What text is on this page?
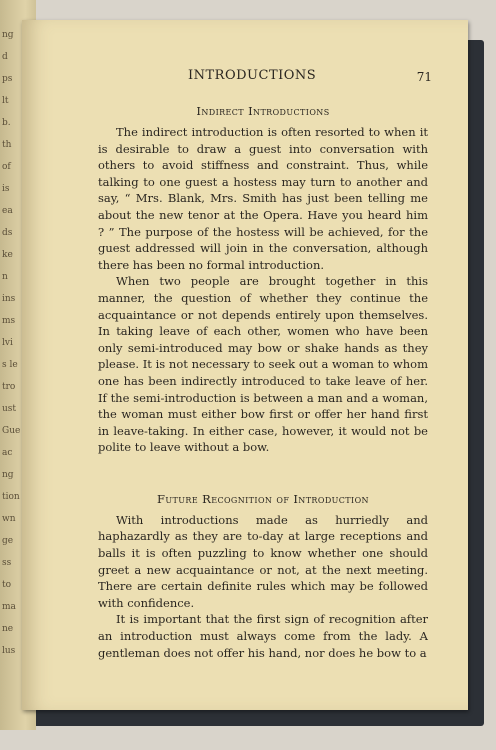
ng
d
ps
lt
b.
th
of
is
ea
ds
ke
n
ins
ms
lvi
s le
tro
ust
Gue
ac
ng
tion
wn
ge
ss
to
ma
ne
lus
INTRODUCTIONS	71
Indirect Introductions

The indirect introduction is often resorted to when it is desirable to draw a guest into conversation with others to avoid stiffness and constraint. Thus, while talking to one guest a hostess may turn to another and say, “ Mrs. Blank, Mrs. Smith has just been telling me about the new tenor at the Opera. Have you heard him ? ” The purpose of the hostess will be achieved, for the guest addressed will join in the conversation, although there has been no formal introduction.

When two people are brought together in this manner, the question of whether they continue the acquaintance or not depends entirely upon themselves. In taking leave of each other, women who have been only semi-introduced may bow or shake hands as they please. It is not necessary to seek out a woman to whom one has been indirectly introduced to take leave of her. If the semi-introduction is between a man and a woman, the woman must either bow first or offer her hand first in leave-taking. In either case, however, it would not be polite to leave without a bow.

Future Recognition of Introduction

With introductions made as hurriedly and haphazardly as they are to-day at large receptions and balls it is often puzzling to know whether one should greet a new acquaintance or not, at the next meeting. There are certain definite rules which may be followed with confidence.

It is important that the first sign of recognition after an introduction must always come from the lady. A gentleman does not offer his hand, nor does he bow to a
